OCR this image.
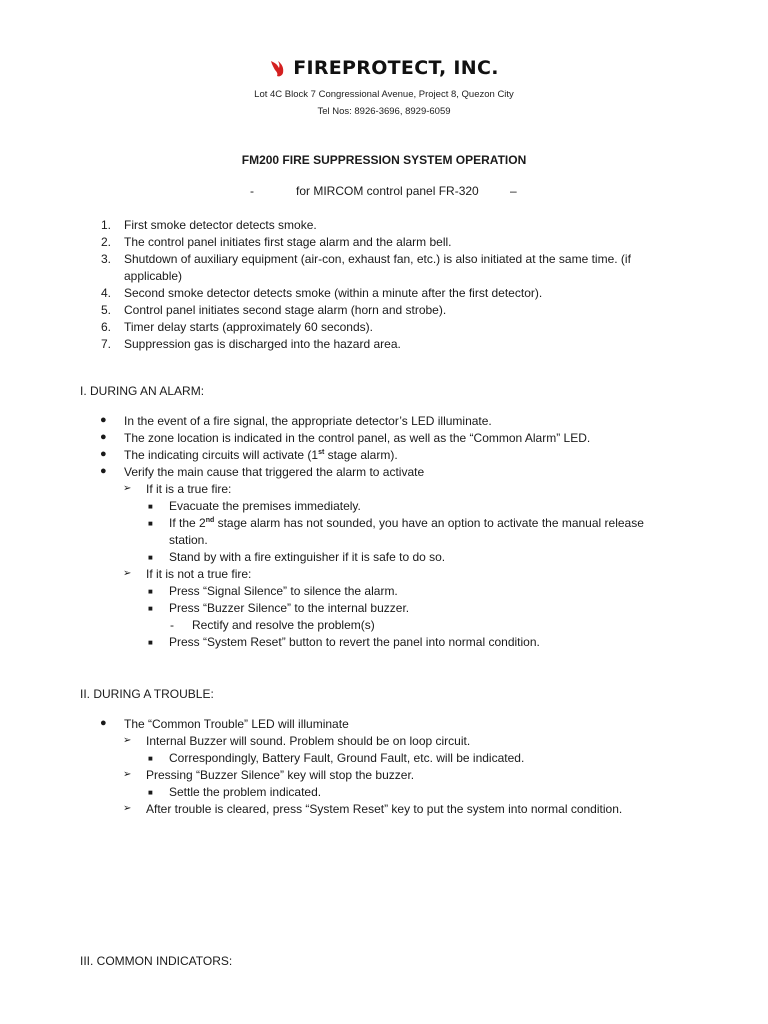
FIREPROTECT, INC.
Lot 4C Block 7 Congressional Avenue, Project 8, Quezon City
Tel Nos: 8926-3696, 8929-6059
FM200 FIRE SUPPRESSION SYSTEM OPERATION
-	for MIRCOM control panel FR-320	–
1.	First smoke detector detects smoke.
2.	The control panel initiates first stage alarm and the alarm bell.
3.	Shutdown of auxiliary equipment (air-con, exhaust fan, etc.) is also initiated at the same time. (if
applicable)
4.	Second smoke detector detects smoke (within a minute after the first detector).
5.	Control panel initiates second stage alarm (horn and strobe).
6.	Timer delay starts (approximately 60 seconds).
7.	Suppression gas is discharged into the hazard area.
I. DURING AN ALARM:
● In the event of a fire signal, the appropriate detector’s LED illuminate.
● The zone location is indicated in the control panel, as well as the “Common Alarm” LED.
● The indicating circuits will activate (1st stage alarm).
● Verify the main cause that triggered the alarm to activate
➢ If it is a true fire:
■ Evacuate the premises immediately.
■ If the 2nd stage alarm has not sounded, you have an option to activate the manual release
station.
■ Stand by with a fire extinguisher if it is safe to do so.
➢ If it is not a true fire:
■ Press “Signal Silence” to silence the alarm.
■ Press “Buzzer Silence” to the internal buzzer.
- Rectify and resolve the problem(s)
■ Press “System Reset” button to revert the panel into normal condition.
II. DURING A TROUBLE:
● The “Common Trouble” LED will illuminate
➢ Internal Buzzer will sound. Problem should be on loop circuit.
■ Correspondingly, Battery Fault, Ground Fault, etc. will be indicated.
➢ Pressing “Buzzer Silence” key will stop the buzzer.
■ Settle the problem indicated.
➢ After trouble is cleared, press “System Reset” key to put the system into normal condition.
III. COMMON INDICATORS:
